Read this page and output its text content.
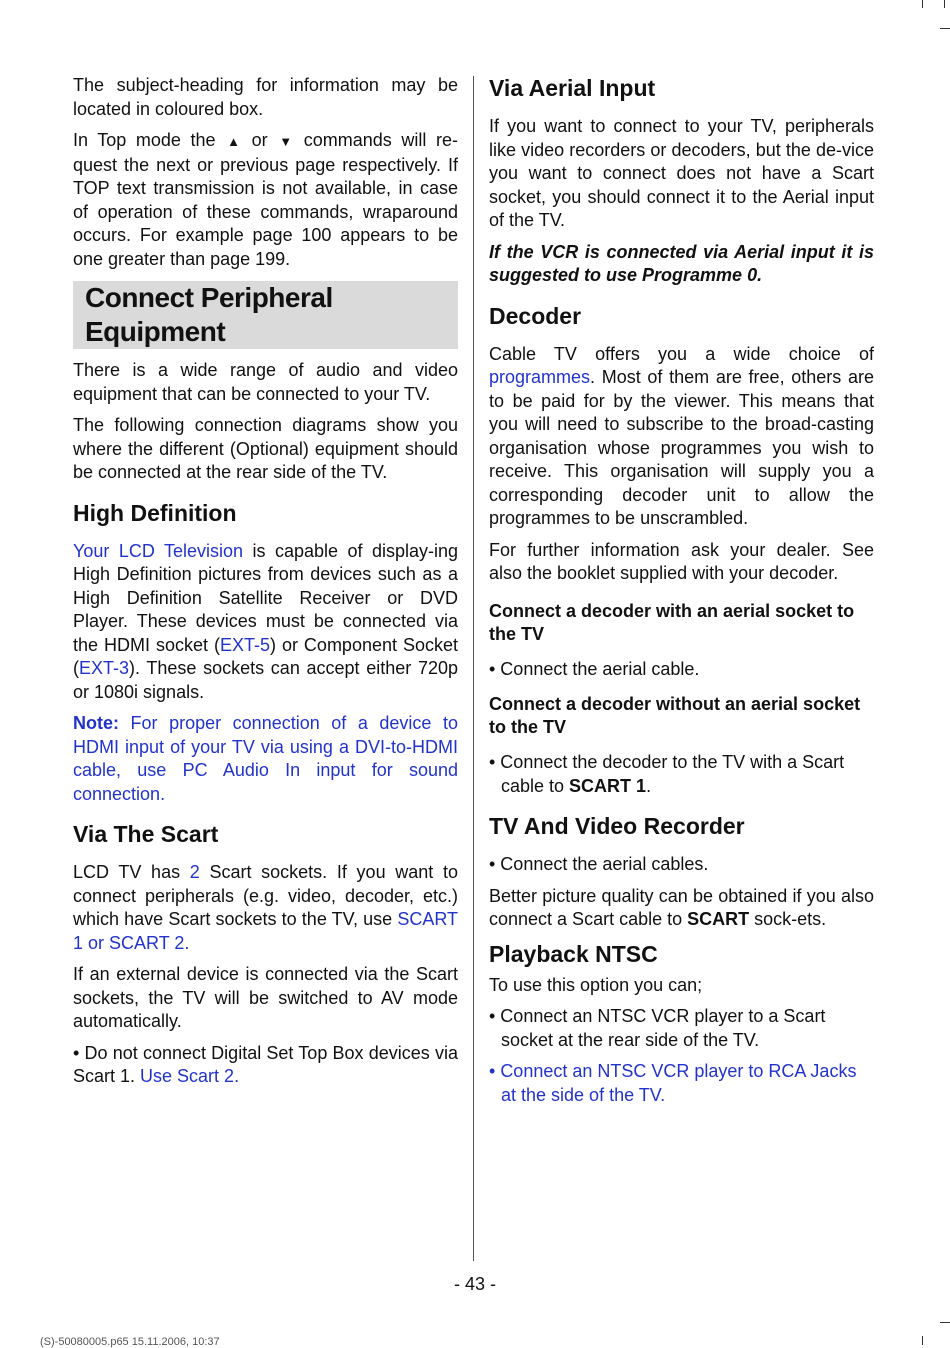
The subject-heading for information may be located in coloured box.

In Top mode the ▲ or ▼ commands will re-quest the next or previous page respectively. If TOP text transmission is not available, in case of operation of these commands, wraparound occurs. For example page 100 appears to be one greater than page 199.

Connect Peripheral
Equipment

There is a wide range of audio and video equipment that can be connected to your TV.

The following connection diagrams show you where the different (Optional) equipment should be connected at the rear side of the TV.

High Definition

Your LCD Television is capable of display-ing High Definition pictures from devices such as a High Definition Satellite Receiver or DVD Player. These devices must be connected via the HDMI socket (EXT-5) or Component Socket (EXT-3). These sockets can accept either 720p or 1080i signals.

Note: For proper connection of a device to HDMI input of your TV via using a DVI-to-HDMI cable, use PC Audio In input for sound connection.

Via The Scart

LCD TV has 2 Scart sockets. If you want to connect peripherals (e.g. video, decoder, etc.) which have Scart sockets to the TV, use SCART 1 or SCART 2.

If an external device is connected via the Scart sockets, the TV will be switched to AV mode automatically.

• Do not connect Digital Set Top Box devices via Scart 1. Use Scart 2.

Via Aerial Input

If you want to connect to your TV, peripherals like video recorders or decoders, but the de-vice you want to connect does not have a Scart socket, you should connect it to the Aerial input of the TV.

If the VCR is connected via Aerial input it is suggested to use Programme 0.

Decoder

Cable TV offers you a wide choice of programmes. Most of them are free, others are to be paid for by the viewer. This means that you will need to subscribe to the broad-casting organisation whose programmes you wish to receive. This organisation will supply you a corresponding decoder unit to allow the programmes to be unscrambled.

For further information ask your dealer. See also the booklet supplied with your decoder.

Connect a decoder with an aerial socket to the TV

• Connect the aerial cable.

Connect a decoder without an aerial socket to the TV

• Connect the decoder to the TV with a Scart cable to SCART 1.

TV And Video Recorder

• Connect the aerial cables.

Better picture quality can be obtained if you also connect a Scart cable to SCART sock-ets.

Playback NTSC

To use this option you can;

• Connect an NTSC VCR player to a Scart socket at the rear side of the TV.

• Connect an NTSC VCR player to RCA Jacks at the side of the TV.

- 43 -
(S)-50080005.p65 15.11.2006, 10:37
